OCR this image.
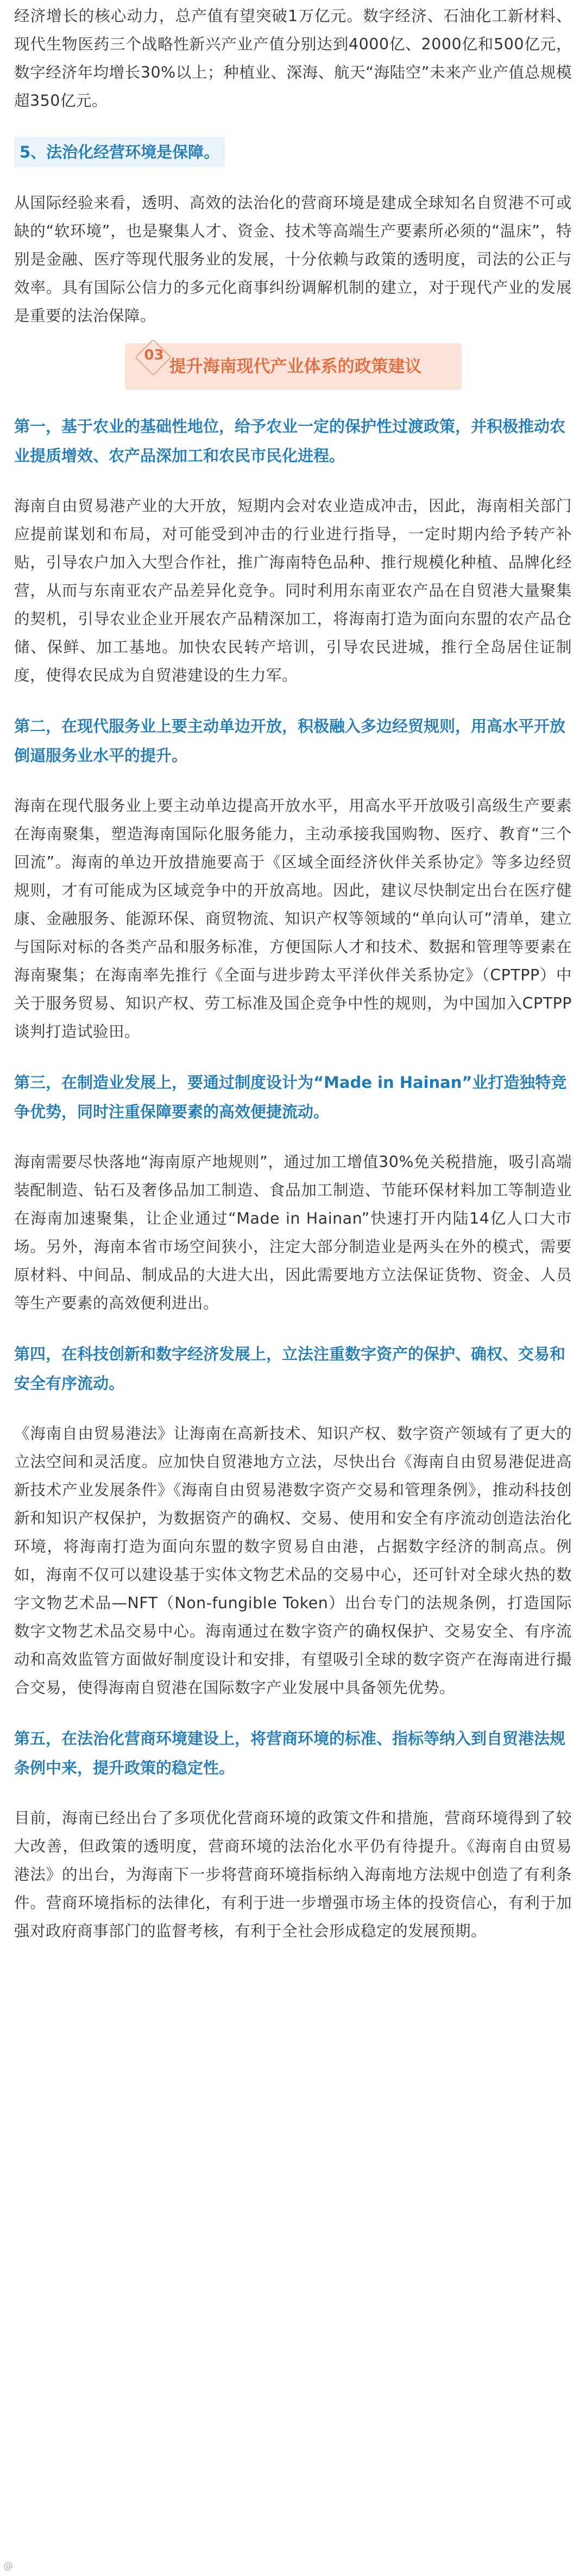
经济增长的核心动力，总产值有望突破1万亿元。数字经济、石油化工新材料、现代生物医药三个战略性新兴产业产值分别达到4000亿、2000亿和500亿元，数字经济年均增长30%以上；种植业、深海、航天“海陆空”未来产业产值总规模超350亿元。

5、法治化经营环境是保障。

从国际经验来看，透明、高效的法治化的营商环境是建成全球知名自贸港不可或缺的“软环境”，也是聚集人才、资金、技术等高端生产要素所必须的“温床”，特别是金融、医疗等现代服务业的发展，十分依赖与政策的透明度，司法的公正与效率。具有国际公信力的多元化商事纠纷调解机制的建立，对于现代产业的发展是重要的法治保障。

03
提升海南现代产业体系的政策建议

第一，基于农业的基础性地位，给予农业一定的保护性过渡政策，并积极推动农业提质增效、农产品深加工和农民市民化进程。

海南自由贸易港产业的大开放，短期内会对农业造成冲击，因此，海南相关部门应提前谋划和布局，对可能受到冲击的行业进行指导，一定时期内给予转产补贴，引导农户加入大型合作社，推广海南特色品种、推行规模化种植、品牌化经营，从而与东南亚农产品差异化竞争。同时利用东南亚农产品在自贸港大量聚集的契机，引导农业企业开展农产品精深加工，将海南打造为面向东盟的农产品仓储、保鲜、加工基地。加快农民转产培训，引导农民进城，推行全岛居住证制度，使得农民成为自贸港建设的生力军。

第二，在现代服务业上要主动单边开放，积极融入多边经贸规则，用高水平开放倒逼服务业水平的提升。

海南在现代服务业上要主动单边提高开放水平，用高水平开放吸引高级生产要素在海南聚集，塑造海南国际化服务能力，主动承接我国购物、医疗、教育“三个回流”。海南的单边开放措施要高于《区域全面经济伙伴关系协定》等多边经贸规则，才有可能成为区域竞争中的开放高地。因此，建议尽快制定出台在医疗健康、金融服务、能源环保、商贸物流、知识产权等领域的“单向认可”清单，建立与国际对标的各类产品和服务标准，方便国际人才和技术、数据和管理等要素在海南聚集；在海南率先推行《全面与进步跨太平洋伙伴关系协定》（CPTPP）中关于服务贸易、知识产权、劳工标准及国企竞争中性的规则，为中国加入CPTPP谈判打造试验田。

第三，在制造业发展上，要通过制度设计为“Made in Hainan”业打造独特竞争优势，同时注重保障要素的高效便捷流动。

海南需要尽快落地“海南原产地规则”，通过加工增值30%免关税措施，吸引高端装配制造、钻石及奢侈品加工制造、食品加工制造、节能环保材料加工等制造业在海南加速聚集，让企业通过“Made in Hainan”快速打开内陆14亿人口大市场。另外，海南本省市场空间狭小，注定大部分制造业是两头在外的模式，需要原材料、中间品、制成品的大进大出，因此需要地方立法保证货物、资金、人员等生产要素的高效便利进出。

第四，在科技创新和数字经济发展上，立法注重数字资产的保护、确权、交易和安全有序流动。

《海南自由贸易港法》让海南在高新技术、知识产权、数字资产领域有了更大的立法空间和灵活度。应加快自贸港地方立法，尽快出台《海南自由贸易港促进高新技术产业发展条件》《海南自由贸易港数字资产交易和管理条例》，推动科技创新和知识产权保护，为数据资产的确权、交易、使用和安全有序流动创造法治化环境，将海南打造为面向东盟的数字贸易自由港，占据数字经济的制高点。例如，海南不仅可以建设基于实体文物艺术品的交易中心，还可针对全球火热的数字文物艺术品—NFT（Non-fungible Token）出台专门的法规条例，打造国际数字文物艺术品交易中心。海南通过在数字资产的确权保护、交易安全、有序流动和高效监管方面做好制度设计和安排，有望吸引全球的数字资产在海南进行撮合交易，使得海南自贸港在国际数字产业发展中具备领先优势。

第五，在法治化营商环境建设上，将营商环境的标准、指标等纳入到自贸港法规条例中来，提升政策的稳定性。

目前，海南已经出台了多项优化营商环境的政策文件和措施，营商环境得到了较大改善，但政策的透明度，营商环境的法治化水平仍有待提升。《海南自由贸易港法》的出台，为海南下一步将营商环境指标纳入海南地方法规中创造了有利条件。营商环境指标的法律化，有利于进一步增强市场主体的投资信心，有利于加强对政府商事部门的监督考核，有利于全社会形成稳定的发展预期。

@
